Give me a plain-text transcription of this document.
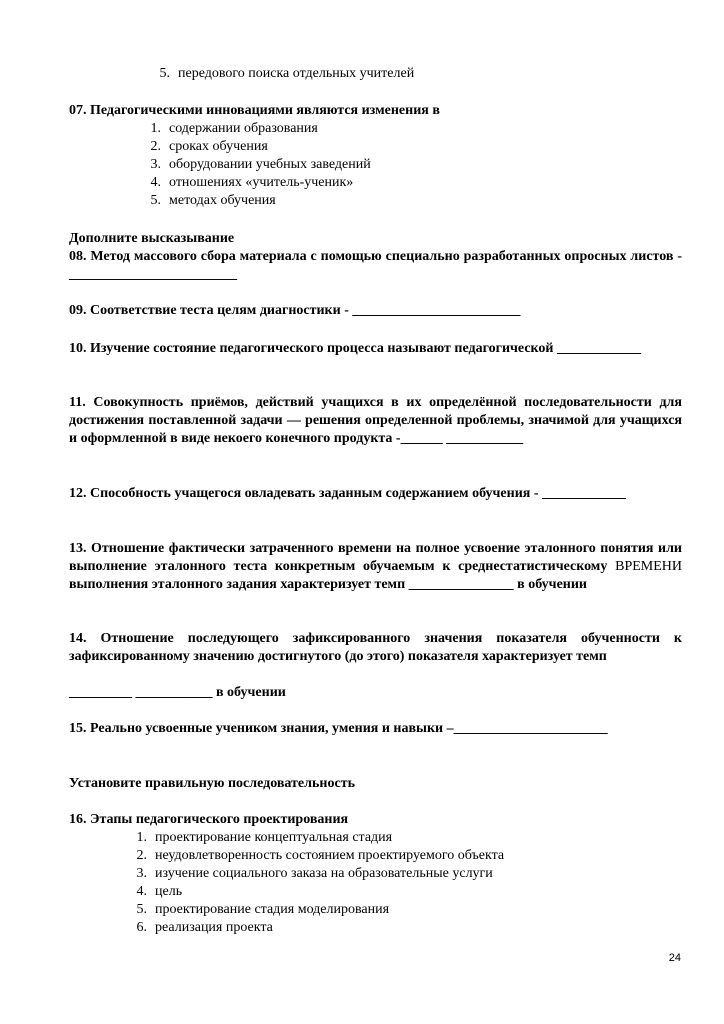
5. передового поиска отдельных учителей
07. Педагогическими инновациями являются изменения в
1. содержании образования
2. сроках обучения
3. оборудовании учебных заведений
4. отношениях «учитель-ученик»
5. методах обучения
Дополните высказывание
08. Метод массового сбора материала с помощью специально разработанных опросных листов - ________________________
09. Соответствие теста целям диагностики - ________________________
10. Изучение состояние педагогического процесса называют педагогической ____________
11. Совокупность приёмов, действий учащихся в их определённой последовательности для достижения поставленной задачи — решения определенной проблемы, значимой для учащихся и оформленной в виде некоего конечного продукта -______ ___________
12. Способность учащегося овладевать заданным содержанием обучения - ____________
13. Отношение фактически затраченного времени на полное усвоение эталонного понятия или выполнение эталонного теста конкретным обучаемым к среднестатистическому ВРЕМЕНИ выполнения эталонного задания характеризует темп _______________ в обучении
14. Отношение последующего зафиксированного значения показателя обученности к зафиксированному значению достигнутого (до этого) показателя характеризует темп
_________ ___________ в обучении
15. Реально усвоенные учеником знания, умения и навыки –______________________
Установите правильную последовательность
16. Этапы педагогического проектирования
1. проектирование концептуальная стадия
2. неудовлетворенность состоянием проектируемого объекта
3. изучение социального заказа на образовательные услуги
4. цель
5. проектирование стадия моделирования
6. реализация проекта
24
